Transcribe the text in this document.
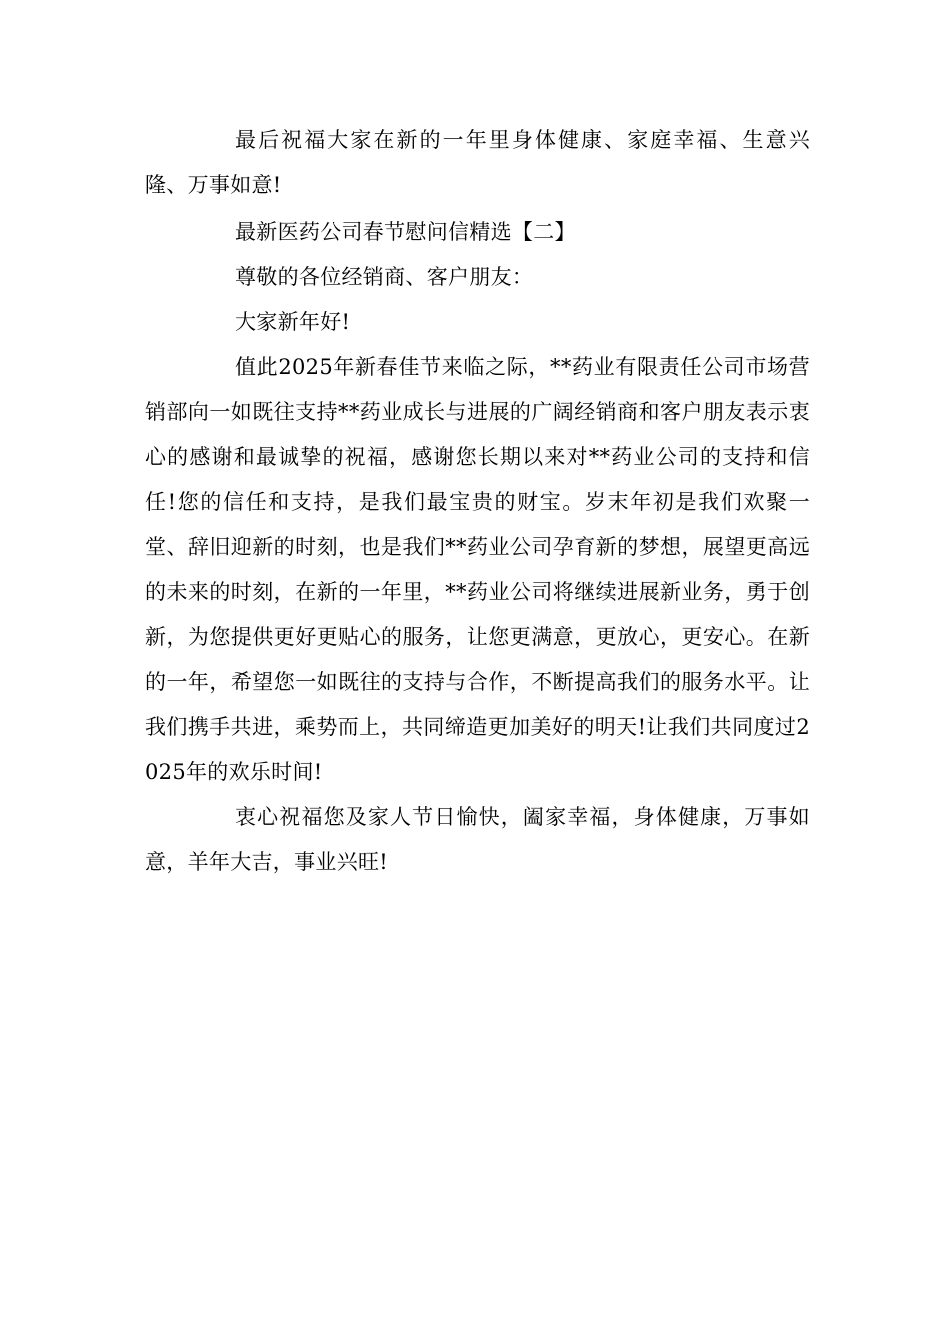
最后祝福大家在新的一年里身体健康、家庭幸福、生意兴隆、万事如意!

最新医药公司春节慰问信精选【二】

尊敬的各位经销商、客户朋友：

大家新年好!

值此2025年新春佳节来临之际，**药业有限责任公司市场营销部向一如既往支持**药业成长与进展的广阔经销商和客户朋友表示衷心的感谢和最诚挚的祝福，感谢您长期以来对**药业公司的支持和信任!您的信任和支持，是我们最宝贵的财宝。岁末年初是我们欢聚一堂、辞旧迎新的时刻，也是我们**药业公司孕育新的梦想，展望更高远的未来的时刻，在新的一年里，**药业公司将继续进展新业务，勇于创新，为您提供更好更贴心的服务，让您更满意，更放心，更安心。在新的一年，希望您一如既往的支持与合作，不断提高我们的服务水平。让我们携手共进，乘势而上，共同缔造更加美好的明天!让我们共同度过2025年的欢乐时间!

衷心祝福您及家人节日愉快，阖家幸福，身体健康，万事如意，羊年大吉，事业兴旺!
